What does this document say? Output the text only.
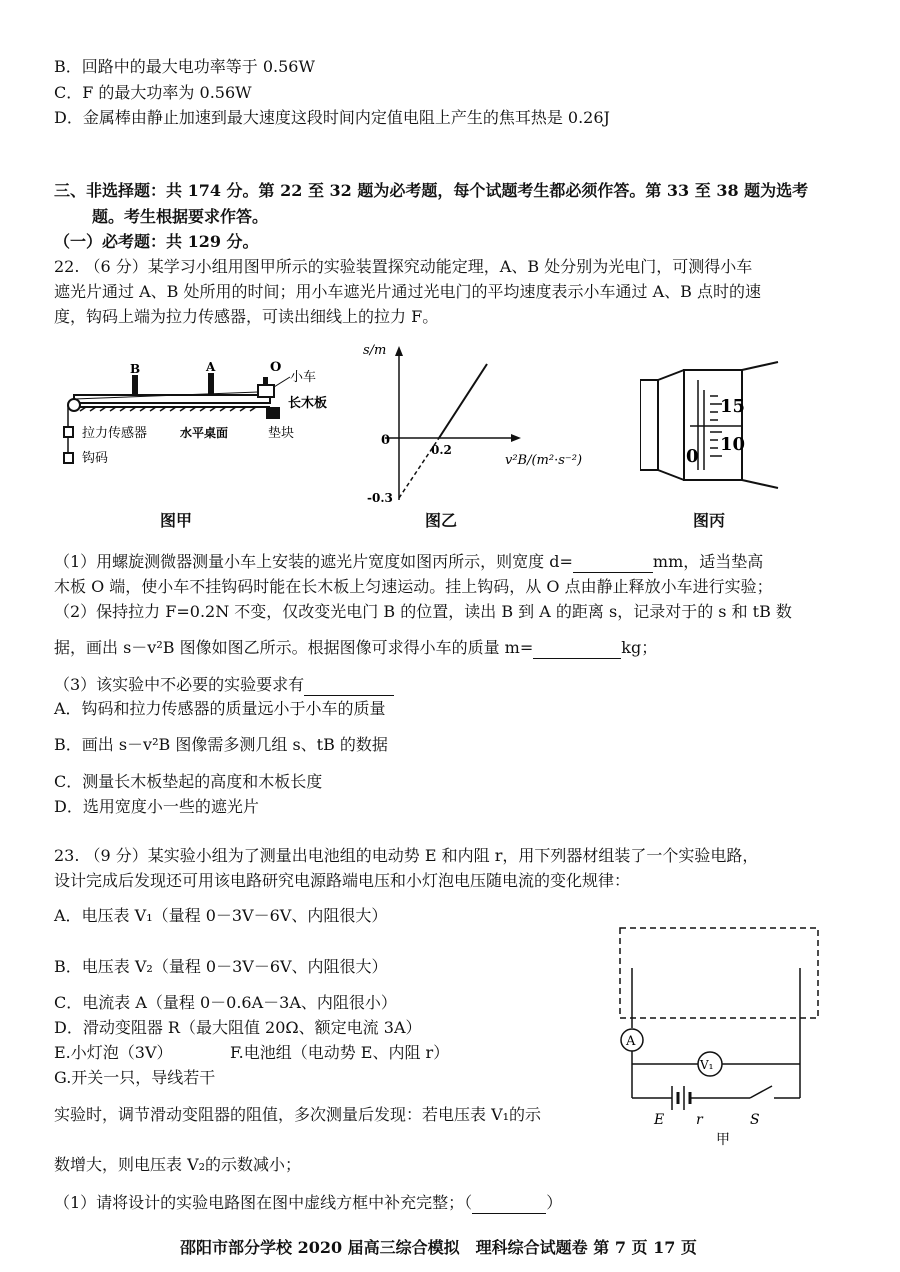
B．回路中的最大电功率等于 0.56W
C．F 的最大功率为 0.56W
D．金属棒由静止加速到最大速度这段时间内定值电阻上产生的焦耳热是 0.26J
三、非选择题：共 174 分。第 22 至 32 题为必考题，每个试题考生都必须作答。第 33 至 38 题为选考
题。考生根据要求作答。
（一）必考题：共 129 分。
22. （6 分）某学习小组用图甲所示的实验装置探究动能定理，A、B 处分别为光电门，可测得小车
遮光片通过 A、B 处所用的时间；用小车遮光片通过光电门的平均速度表示小车通过 A、B 点时的速
度，钩码上端为拉力传感器，可读出细线上的拉力 F。
B	A	O
小车
长木板
拉力传感器
钩码
水平桌面	垫块
图甲
s/m
0
0.2
-0.3
v²B/(m²·s⁻²)
图乙
15
10
0
图丙
（1）用螺旋测微器测量小车上安装的遮光片宽度如图丙所示，则宽度 d=	mm，适当垫高
木板 O 端，使小车不挂钩码时能在长木板上匀速运动。挂上钩码，从 O 点由静止释放小车进行实验；
（2）保持拉力 F=0.2N 不变，仅改变光电门 B 的位置，读出 B 到 A 的距离 s，记录对于的 s 和 tB 数
据，画出 s－v²B 图像如图乙所示。根据图像可求得小车的质量 m=	kg；
（3）该实验中不必要的实验要求有
A．钩码和拉力传感器的质量远小于小车的质量
B．画出 s－v²B 图像需多测几组 s、tB 的数据
C．测量长木板垫起的高度和木板长度
D．选用宽度小一些的遮光片
23. （9 分）某实验小组为了测量出电池组的电动势 E 和内阻 r，用下列器材组装了一个实验电路，
设计完成后发现还可用该电路研究电源路端电压和小灯泡电压随电流的变化规律：
A．电压表 V₁（量程 0－3V－6V、内阻很大）
B．电压表 V₂（量程 0－3V－6V、内阻很大）
C．电流表 A（量程 0－0.6A－3A、内阻很小）
D．滑动变阻器 R（最大阻值 20Ω、额定电流 3A）
E.小灯泡（3V）	F.电池组（电动势 E、内阻 r）
G.开关一只，导线若干
实验时，调节滑动变阻器的阻值，多次测量后发现：若电压表 V₁的示
数增大，则电压表 V₂的示数减小；
（1）请将设计的实验电路图在图中虚线方框中补充完整；（	）
A
V₁
E r	S
甲
邵阳市部分学校 2020 届高三综合模拟　理科综合试题卷 第 7 页 17 页
